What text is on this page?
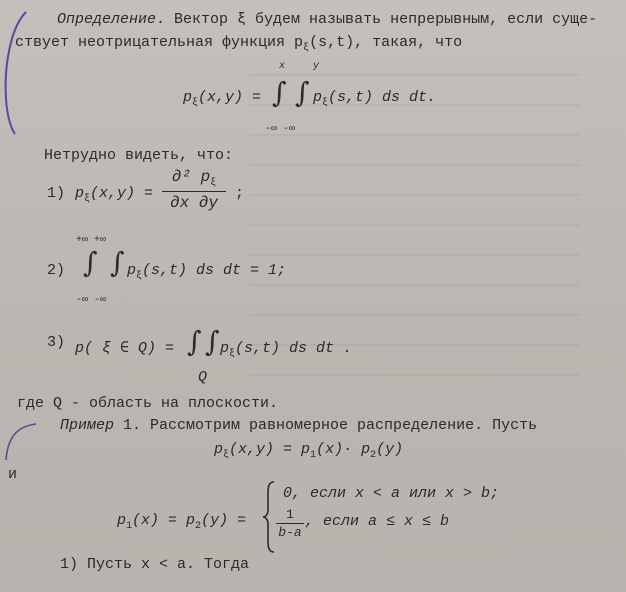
Определение. Вектор ξ будем называть непрерывным, если суще-
ствует неотрицательная функция $p_\xi(s,t)$, такая, что
x	y
$p_\xi(x,y)$ = ∫ ∫ $p_\xi(s,t)$ ds dt.
-∞ -∞
Нетрудно видеть, что:
1) $p_\xi(x,y)$ =
∂² $p_\xi$
∂x ∂y
;
+∞ +∞
2) ∫ ∫ $p_\xi(s,t)$ ds dt = 1;
-∞ -∞
3) p( ξ ∈ Q) = ∫ ∫ $p_\xi(s,t)$ ds dt .
Q
где Q - область на плоскости.
Пример 1. Рассмотрим равномерное распределение. Пусть
$p_\xi(x,y) = p_1(x)\cdot p_2(y)$
и
$p_1(x) = p_2(y)$ =
0, если x < a или x > b;
1
b-a
, если a ≤ x ≤ b
1) Пусть x < a. Тогда
